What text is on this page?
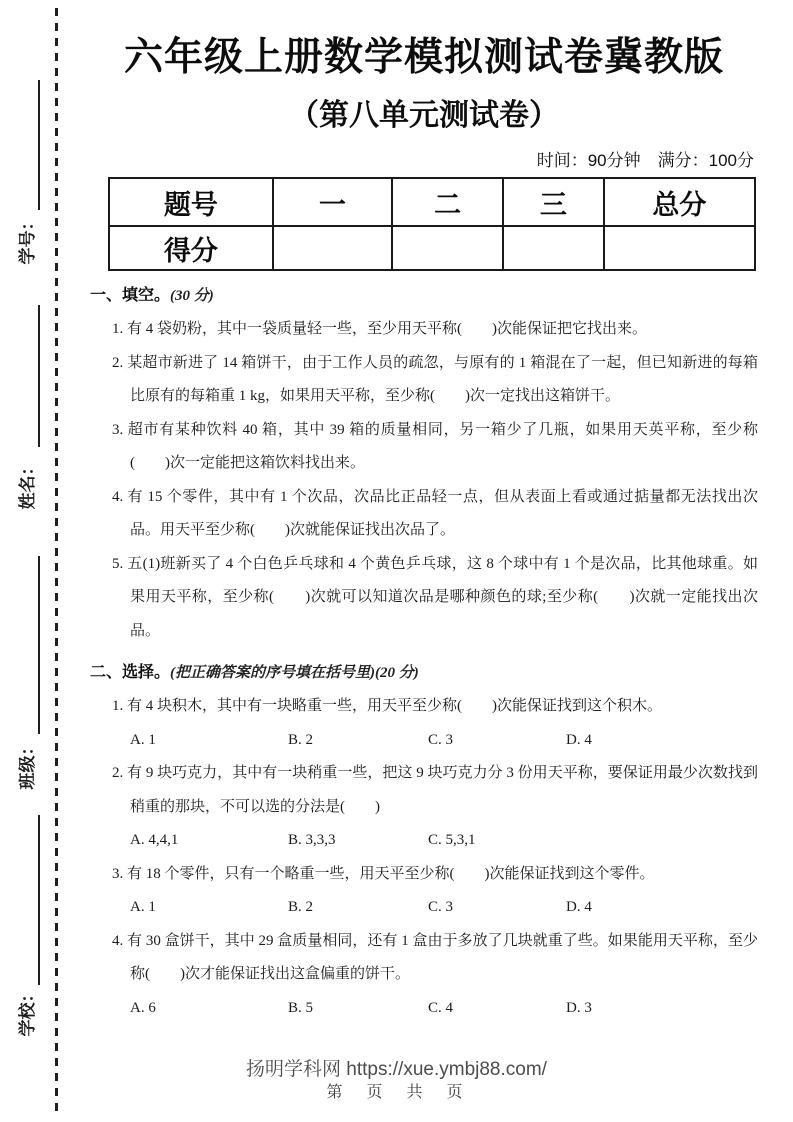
学号：
姓名：
班级：
学校：
六年级上册数学模拟测试卷冀教版
（第八单元测试卷）
时间：90分钟　满分：100分
题号	一	二	三	总分
得分				
一、填空。(30 分)

1. 有 4 袋奶粉，其中一袋质量轻一些，至少用天平称(　　)次能保证把它找出来。

2. 某超市新进了 14 箱饼干，由于工作人员的疏忽，与原有的 1 箱混在了一起，但已知新进的每箱比原有的每箱重 1 kg，如果用天平称，至少称(　　)次一定找出这箱饼干。

3. 超市有某种饮料 40 箱，其中 39 箱的质量相同，另一箱少了几瓶，如果用天英平称，至少称(　　)次一定能把这箱饮料找出来。

4. 有 15 个零件，其中有 1 个次品，次品比正品轻一点，但从表面上看或通过掂量都无法找出次品。用天平至少称(　　)次就能保证找出次品了。

5. 五(1)班新买了 4 个白色乒乓球和 4 个黄色乒乓球，这 8 个球中有 1 个是次品，比其他球重。如果用天平称，至少称(　　)次就可以知道次品是哪种颜色的球;至少称(　　)次就一定能找出次品。

二、选择。(把正确答案的序号填在括号里)(20 分)

1. 有 4 块积木，其中有一块略重一些，用天平至少称(　　)次能保证找到这个积木。

A. 1	B. 2	C. 3	D. 4

2. 有 9 块巧克力，其中有一块稍重一些，把这 9 块巧克力分 3 份用天平称，要保证用最少次数找到稍重的那块，不可以选的分法是(　　)

A. 4,4,1	B. 3,3,3	C. 5,3,1

3. 有 18 个零件，只有一个略重一些，用天平至少称(　　)次能保证找到这个零件。

A. 1	B. 2	C. 3	D. 4

4. 有 30 盒饼干，其中 29 盒质量相同，还有 1 盒由于多放了几块就重了些。如果能用天平称，至少称(　　)次才能保证找出这盒偏重的饼干。

A. 6	B. 5	C. 4	D. 3
扬明学科网 https://xue.ymbj88.com/
第　页　共　页
